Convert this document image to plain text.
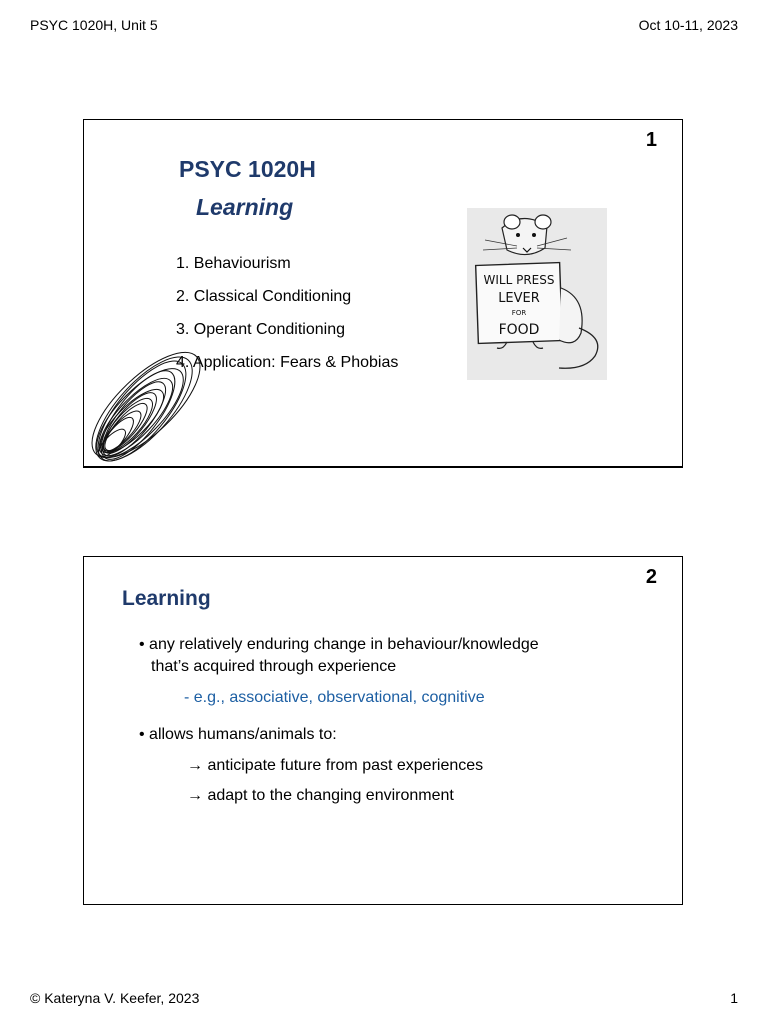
PSYC 1020H, Unit 5	Oct 10-11, 2023
1
PSYC 1020H
Learning
1. Behaviourism
2. Classical Conditioning
3. Operant Conditioning
4. Application: Fears & Phobias
WILL PRESS
LEVER
FOR
FOOD
2
Learning
• any relatively enduring change in behaviour/knowledge
that’s acquired through experience
- e.g., associative, observational, cognitive
• allows humans/animals to:
→ anticipate future from past experiences
→ adapt to the changing environment
© Kateryna V. Keefer, 2023	1
